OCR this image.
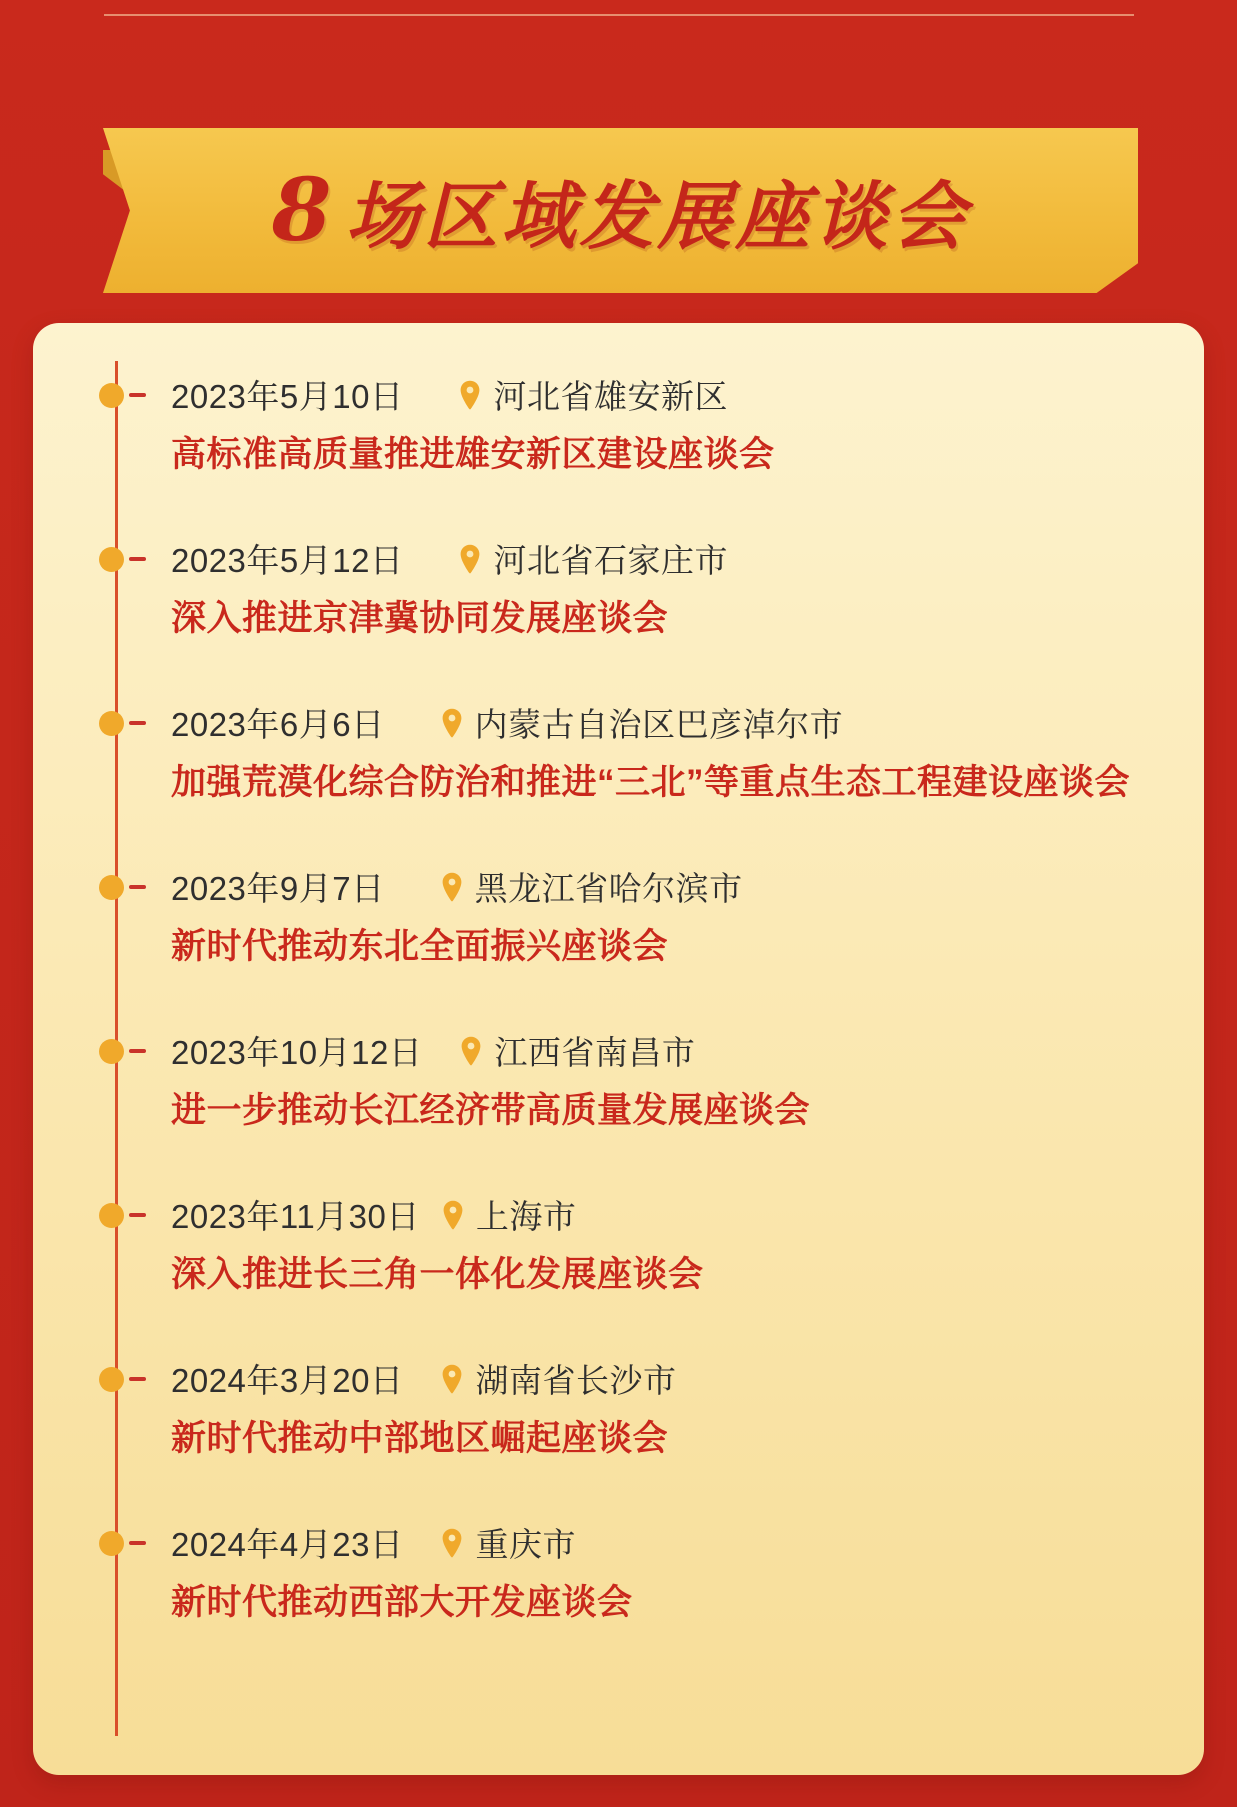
8 场区域发展座谈会
2023年5月10日	河北省雄安新区
高标准高质量推进雄安新区建设座谈会
2023年5月12日	河北省石家庄市
深入推进京津冀协同发展座谈会
2023年6月6日	内蒙古自治区巴彦淖尔市
加强荒漠化综合防治和推进“三北”等重点生态工程建设座谈会
2023年9月7日	黑龙江省哈尔滨市
新时代推动东北全面振兴座谈会
2023年10月12日 江西省南昌市
进一步推动长江经济带高质量发展座谈会
2023年11月30日 上海市
深入推进长三角一体化发展座谈会
2024年3月20日 湖南省长沙市
新时代推动中部地区崛起座谈会
2024年4月23日 重庆市
新时代推动西部大开发座谈会
